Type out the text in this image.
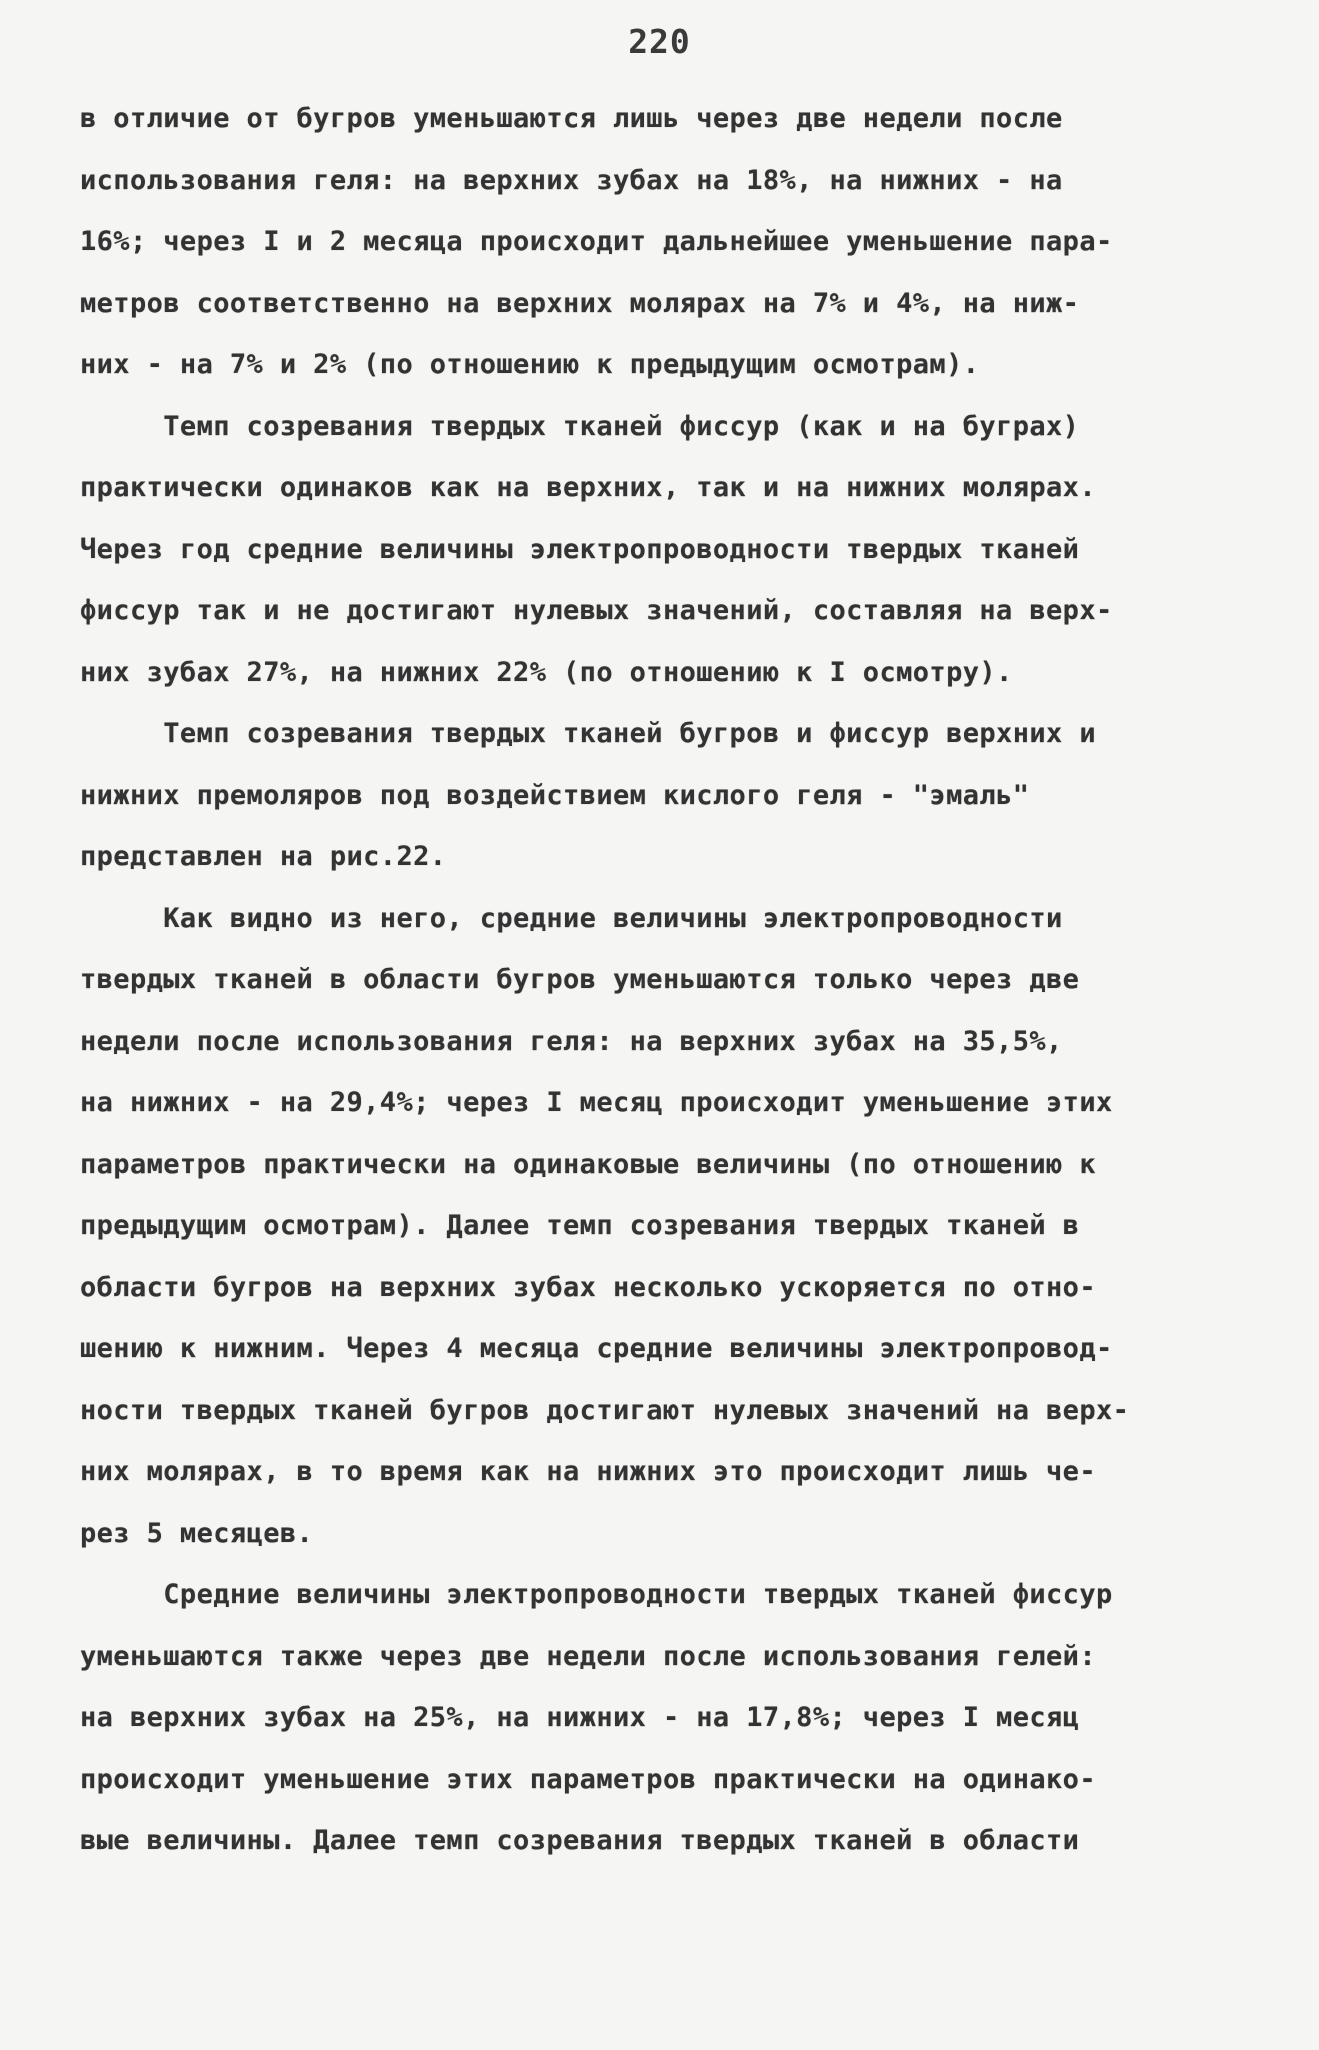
220
в отличие от бугров уменьшаются лишь через две недели после
использования геля: на верхних зубах на 18%, на нижних - на
16%; через I и 2 месяца происходит дальнейшее уменьшение пара-
метров соответственно на верхних молярах на 7% и 4%, на ниж-
них - на 7% и 2% (по отношению к предыдущим осмотрам).
Темп созревания твердых тканей фиссур (как и на буграх)
практически одинаков как на верхних, так и на нижних молярах.
Через год средние величины электропроводности твердых тканей
фиссур так и не достигают нулевых значений, составляя на верх-
них зубах 27%, на нижних 22% (по отношению к I осмотру).
Темп созревания твердых тканей бугров и фиссур верхних и
нижних премоляров под воздействием кислого геля - "эмаль"
представлен на рис.22.
Как видно из него, средние величины электропроводности
твердых тканей в области бугров уменьшаются только через две
недели после использования геля: на верхних зубах на 35,5%,
на нижних - на 29,4%; через I месяц происходит уменьшение этих
параметров практически на одинаковые величины (по отношению к
предыдущим осмотрам). Далее темп созревания твердых тканей в
области бугров на верхних зубах несколько ускоряется по отно-
шению к нижним. Через 4 месяца средние величины электропровод-
ности твердых тканей бугров достигают нулевых значений на верх-
них молярах, в то время как на нижних это происходит лишь че-
рез 5 месяцев.
Средние величины электропроводности твердых тканей фиссур
уменьшаются также через две недели после использования гелей:
на верхних зубах на 25%, на нижних - на 17,8%; через I месяц
происходит уменьшение этих параметров практически на одинако-
вые величины. Далее темп созревания твердых тканей в области
